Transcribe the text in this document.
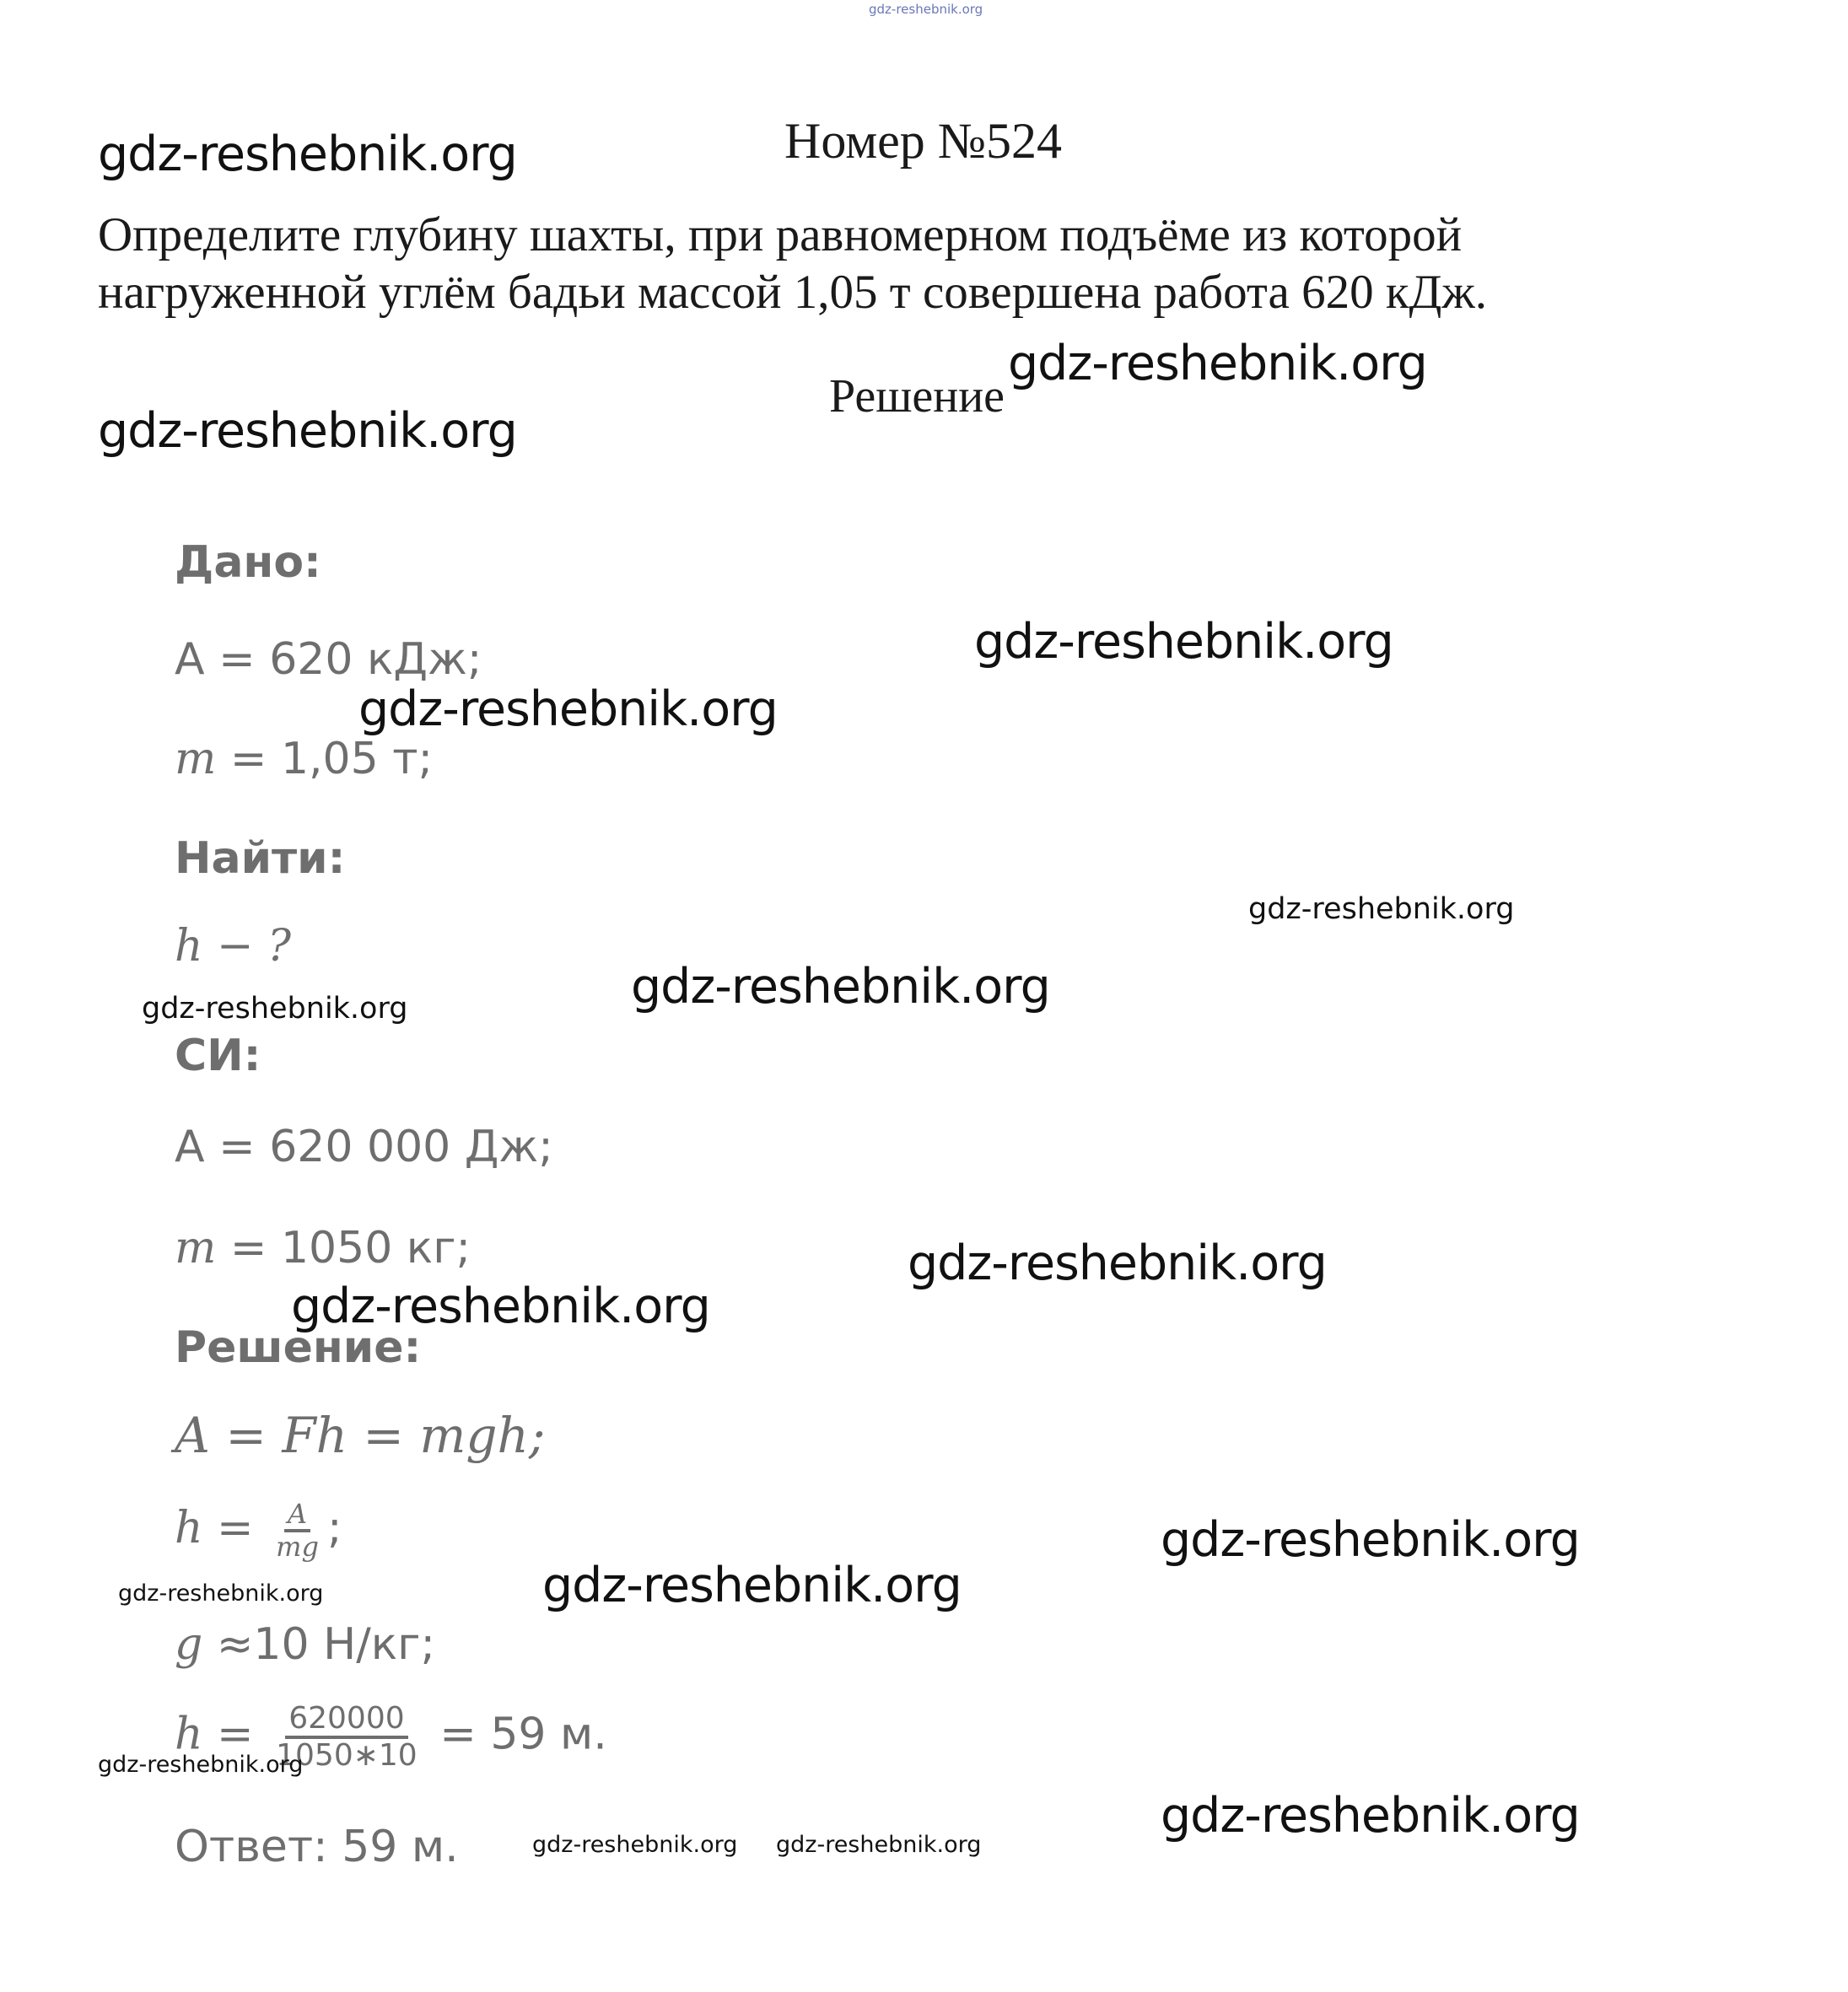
gdz-reshebnik.org
Номер №524
Определите глубину шахты, при равномерном подъёме из которой
нагруженной углём бадьи массой 1,05 т совершена работа 620 кДж.
Решение
Дано:
A = 620 кДж;
m = 1,05 т;
Найти:
h − ?
СИ:
A = 620 000 Дж;
m = 1050 кг;
Решение:
A = Fh = mgh;
$h = \frac{A}{mg}$ ;
g ≈10 Н/кг;
$h = \frac{620000}{1050∗10} = 59$ м.
Ответ: 59 м.
gdz-reshebnik.org
gdz-reshebnik.org
gdz-reshebnik.org
gdz-reshebnik.org
gdz-reshebnik.org
gdz-reshebnik.org
gdz-reshebnik.org
gdz-reshebnik.org
gdz-reshebnik.org
gdz-reshebnik.org
gdz-reshebnik.org
gdz-reshebnik.org
gdz-reshebnik.org
gdz-reshebnik.org
gdz-reshebnik.org
gdz-reshebnik.org gdz-reshebnik.org
